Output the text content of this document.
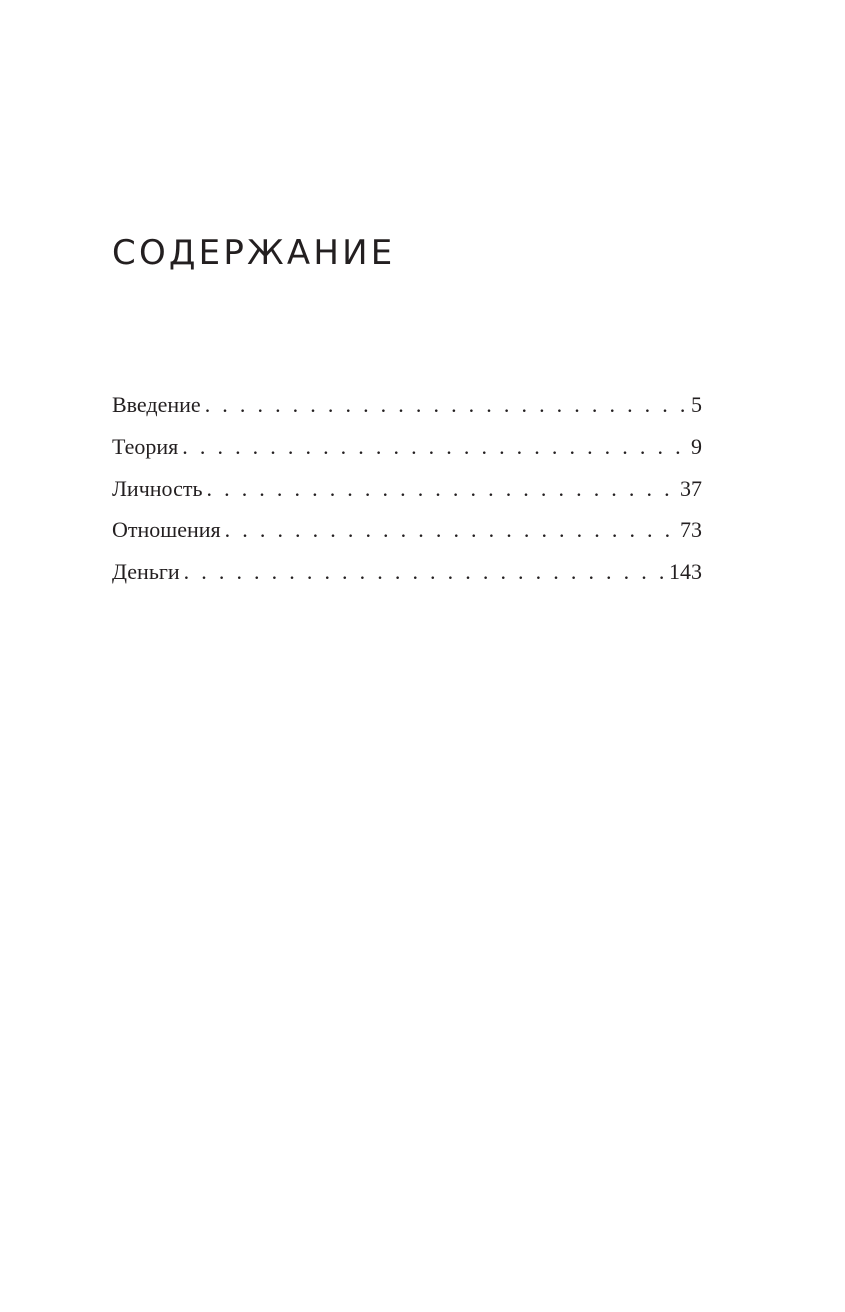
СОДЕРЖАНИЕ
Введение . . .	5
Теория . . .	9
Личность . . .	37
Отношения . . .	73
Деньги . . .	143
